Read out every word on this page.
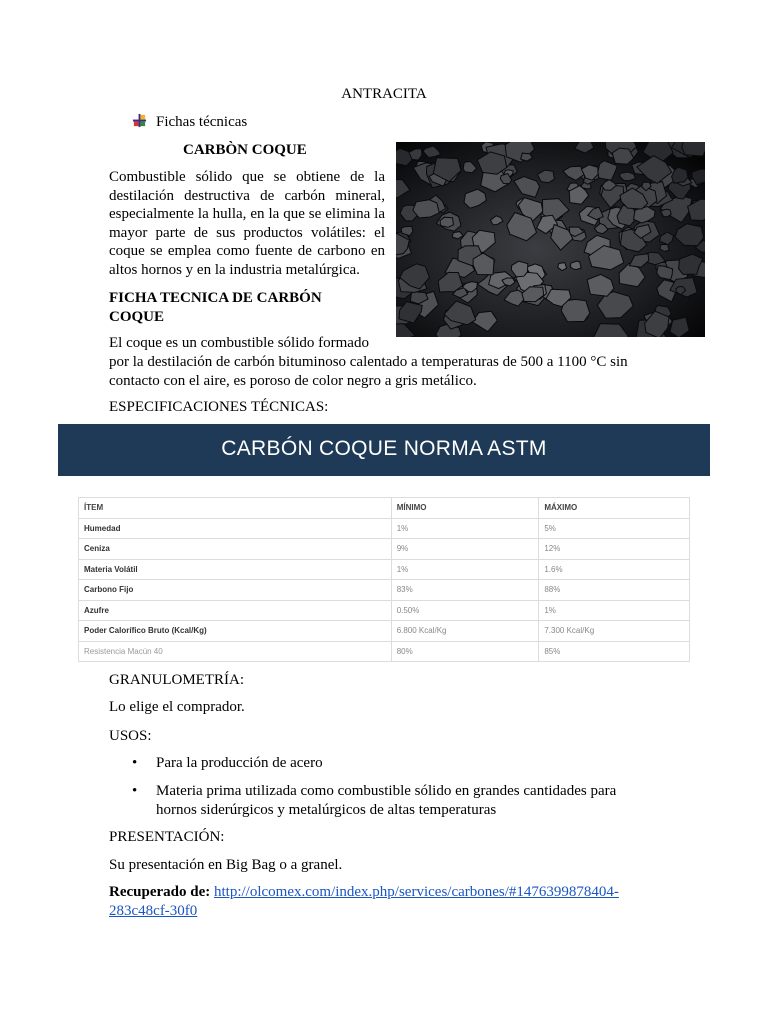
ANTRACITA
Fichas técnicas
CARBÒN COQUE
Combustible sólido que se obtiene de la destilación destructiva de carbón mineral, especialmente la hulla, en la que se elimina la mayor parte de sus productos volátiles: el coque se emplea como fuente de carbono en altos hornos y en la industria metalúrgica.
FICHA TECNICA DE CARBÓN
COQUE
El coque es un combustible sólido formado
por la destilación de carbón bituminoso calentado a temperaturas de 500 a 1100 °C sin contacto con el aire, es poroso de color negro a gris metálico.
ESPECIFICACIONES TÉCNICAS:
CARBÓN COQUE NORMA ASTM
ÍTEM	MÍNIMO	MÁXIMO
Humedad	1%	5%
Ceniza	9%	12%
Materia Volátil	1%	1.6%
Carbono Fijo	83%	88%
Azufre	0.50%	1%
Poder Calorífico Bruto (Kcal/Kg)	6.800 Kcal/Kg	7.300 Kcal/Kg
Resistencia Macún 40	80%	85%
GRANULOMETRÍA:
Lo elige el comprador.
USOS:
• Para la producción de acero
• Materia prima utilizada como combustible sólido en grandes cantidades para hornos siderúrgicos y metalúrgicos de altas temperaturas
PRESENTACIÓN:
Su presentación en Big Bag o a granel.
Recuperado de: http://olcomex.com/index.php/services/carbones/#1476399878404-283c48cf-30f0
